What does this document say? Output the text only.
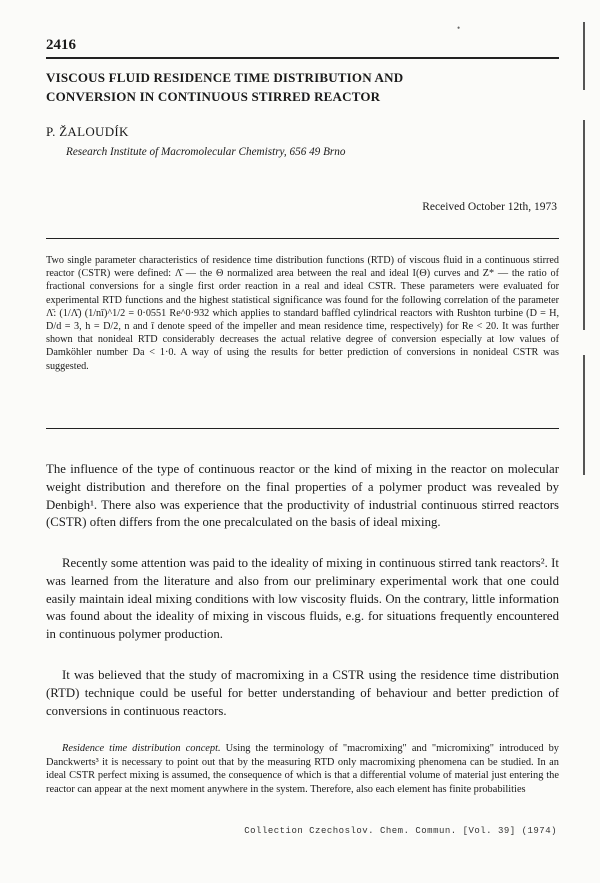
•
2416
VISCOUS FLUID RESIDENCE TIME DISTRIBUTION AND
CONVERSION IN CONTINUOUS STIRRED REACTOR
P. ŽALOUDÍK
Research Institute of Macromolecular Chemistry, 656 49 Brno
Received October 12th, 1973
Two single parameter characteristics of residence time distribution functions (RTD) of viscous fluid in a continuous stirred reactor (CSTR) were defined: Λ̄ — the Θ normalized area between the real and ideal I(Θ) curves and Z* — the ratio of fractional conversions for a single first order reaction in a real and ideal CSTR. These parameters were evaluated for experimental RTD functions and the highest statistical significance was found for the following correlation of the parameter Λ̄: (1/Λ̄) (1/nī)^1/2 = 0·0551 Re^0·932 which applies to standard baffled cylindrical reactors with Rushton turbine (D = H, D/d = 3, h = D/2, n and ī denote speed of the impeller and mean residence time, respectively) for Re < 20. It was further shown that nonideal RTD considerably decreases the actual relative degree of conversion especially at low values of Damköhler number Da < 1·0. A way of using the results for better prediction of conversions in nonideal CSTR was suggested.
The influence of the type of continuous reactor or the kind of mixing in the reactor on molecular weight distribution and therefore on the final properties of a polymer product was revealed by Denbigh¹. There also was experience that the productivity of industrial continuous stirred reactors (CSTR) often differs from the one precalculated on the basis of ideal mixing.
Recently some attention was paid to the ideality of mixing in continuous stirred tank reactors². It was learned from the literature and also from our preliminary experimental work that one could easily maintain ideal mixing conditions with low viscosity fluids. On the contrary, little information was found about the ideality of mixing in viscous fluids, e.g. for situations frequently encountered in continuous polymer production.
It was believed that the study of macromixing in a CSTR using the residence time distribution (RTD) technique could be useful for better understanding of behaviour and better prediction of conversions in continuous reactors.
Residence time distribution concept. Using the terminology of "macromixing" and "micromixing" introduced by Danckwerts³ it is necessary to point out that by the measuring RTD only macromixing phenomena can be studied. In an ideal CSTR perfect mixing is assumed, the consequence of which is that a differential volume of material just entering the reactor can appear at the next moment anywhere in the system. Therefore, also each element has finite probabilities
Collection Czechoslov. Chem. Commun. [Vol. 39] (1974)
